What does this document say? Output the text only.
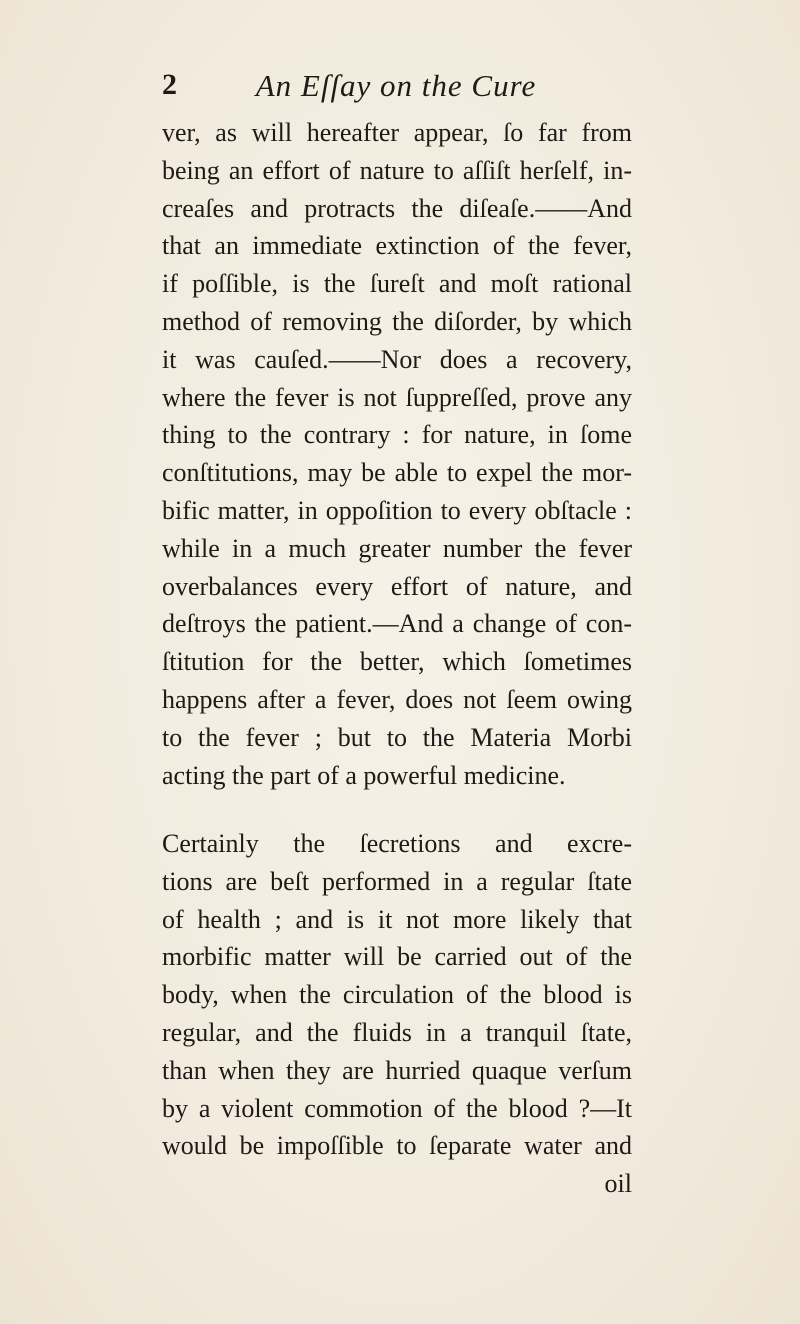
2	An Eſſay on the Cure
ver, as will hereafter appear, ſo far from
being an effort of nature to aſſiſt herſelf, in-
creaſes and protracts the diſeaſe.——And
that an immediate extinction of the fever,
if poſſible, is the ſureſt and moſt rational
method of removing the diſorder, by which
it was cauſed.——Nor does a recovery,
where the fever is not ſuppreſſed, prove any
thing to the contrary : for nature, in ſome
conſtitutions, may be able to expel the mor-
bific matter, in oppoſition to every obſtacle :
while in a much greater number the fever
overbalances every effort of nature, and
deſtroys the patient.—And a change of con-
ſtitution for the better, which ſometimes
happens after a fever, does not ſeem owing
to the fever ; but to the Materia Morbi
acting the part of a powerful medicine.
Certainly the ſecretions and excre-
tions are beſt performed in a regular ſtate
of health ; and is it not more likely that
morbific matter will be carried out of the
body, when the circulation of the blood is
regular, and the fluids in a tranquil ſtate,
than when they are hurried quaque verſum
by a violent commotion of the blood ?—It
would be impoſſible to ſeparate water and
oil
